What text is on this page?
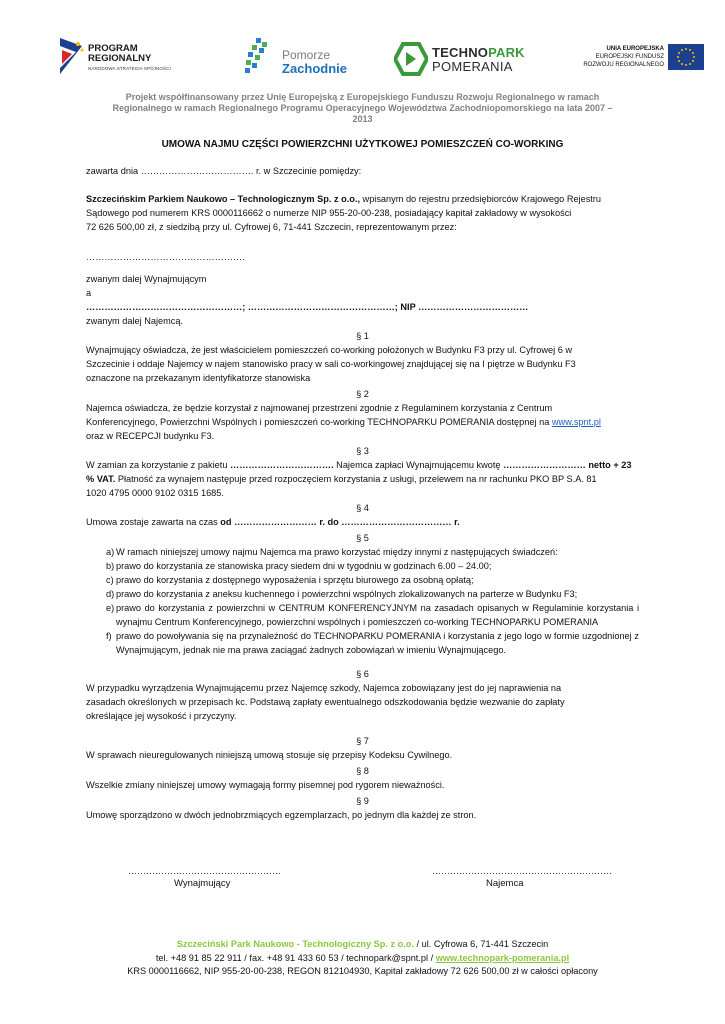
PROGRAM
REGIONALNY
NARODOWA STRATEGIA SPÓJNOŚCI
Pomorze
Zachodnie
TECHNOPARK
POMERANIA
UNIA EUROPEJSKA
EUROPEJSKI FUNDUSZ
ROZWOJU REGIONALNEGO
Projekt współfinansowany przez Unię Europejską z Europejskiego Funduszu Rozwoju Regionalnego w ramach
Regionalnego w ramach Regionalnego Programu Operacyjnego Województwa Zachodniopomorskiego na lata 2007 –
2013
UMOWA NAJMU CZĘŚCI POWIERZCHNI UŻYTKOWEJ POMIESZCZEŃ CO-WORKING
zawarta dnia ………………………………. r. w Szczecinie pomiędzy:
Szczecińskim Parkiem Naukowo – Technologicznym Sp. z o.o., wpisanym do rejestru przedsiębiorców Krajowego Rejestru
Sądowego pod numerem KRS 0000116662 o numerze NIP 955-20-00-238, posiadający kapitał zakładowy w wysokości
72 626 500,00 zł, z siedzibą przy ul. Cyfrowej 6, 71-441 Szczecin, reprezentowanym przez:
…………………………………………….
zwanym dalej Wynajmującym
a
……………………………………………; …………………………………………; NIP ………………………………
zwanym dalej Najemcą.
§ 1
Wynajmujący oświadcza, że jest właścicielem pomieszczeń co-working położonych w Budynku F3 przy ul. Cyfrowej 6 w
Szczecinie i oddaje Najemcy w najem stanowisko pracy w sali co-workingowej znajdującej się na I piętrze w Budynku F3
oznaczone na przekazanym identyfikatorze stanowiska
§ 2
Najemca oświadcza, że będzie korzystał z najmowanej przestrzeni zgodnie z Regulaminem korzystania z Centrum
Konferencyjnego, Powierzchni Wspólnych i pomieszczeń co-working TECHNOPARKU POMERANIA dostępnej na www.spnt.pl
oraz w RECEPCJI budynku F3.
§ 3
W zamian za korzystanie z pakietu ……………………………. Najemca zapłaci Wynajmującemu kwotę ……………………… netto + 23
% VAT. Płatność za wynajem następuje przed rozpoczęciem korzystania z usługi, przelewem na nr rachunku PKO BP S.A. 81
1020 4795 0000 9102 0315 1685.
§ 4
Umowa zostaje zawarta na czas od ……………………… r. do ……………………………… r.
§ 5
a) W ramach niniejszej umowy najmu Najemca ma prawo korzystać między innymi z następujących świadczeń:
b) prawo do korzystania ze stanowiska pracy siedem dni w tygodniu w godzinach 6.00 – 24.00;
c) prawo do korzystania z dostępnego wyposażenia i sprzętu biurowego za osobną opłatą;
d) prawo do korzystania z aneksu kuchennego i powierzchni wspólnych zlokalizowanych na parterze w Budynku F3;
e) prawo do korzystania z powierzchni w CENTRUM KONFERENCYJNYM na zasadach opisanych w Regulaminie korzystania i wynajmu Centrum Konferencyjnego, powierzchni wspólnych i pomieszczeń co-working TECHNOPARKU POMERANIA
f) prawo do powoływania się na przynależność do TECHNOPARKU POMERANIA i korzystania z jego logo w formie uzgodnionej z Wynajmującym, jednak nie ma prawa zaciągać żadnych zobowiązań w imieniu Wynajmującego.
§ 6
W przypadku wyrządzenia Wynajmującemu przez Najemcę szkody, Najemca zobowiązany jest do jej naprawienia na
zasadach określonych w przepisach kc. Podstawą zapłaty ewentualnego odszkodowania będzie wezwanie do zapłaty
określające jej wysokość i przyczyny.
§ 7
W sprawach nieuregulowanych niniejszą umową stosuje się przepisy Kodeksu Cywilnego.
§ 8
Wszelkie zmiany niniejszej umowy wymagają formy pisemnej pod rygorem nieważności.
§ 9
Umowę sporządzono w dwóch jednobrzmiących egzemplarzach, po jednym dla każdej ze stron.
……………………………………………
Wynajmujący
……………………………………………………
Najemca
Szczeciński Park Naukowo - Technologiczny Sp. z o.o. / ul. Cyfrowa 6, 71-441 Szczecin
tel. +48 91 85 22 911 / fax. +48 91 433 60 53 / technopark@spnt.pl / www.technopark-pomerania.pl
KRS 0000116662, NIP 955-20-00-238, REGON 812104930, Kapitał zakładowy 72 626 500,00 zł w całości opłacony
